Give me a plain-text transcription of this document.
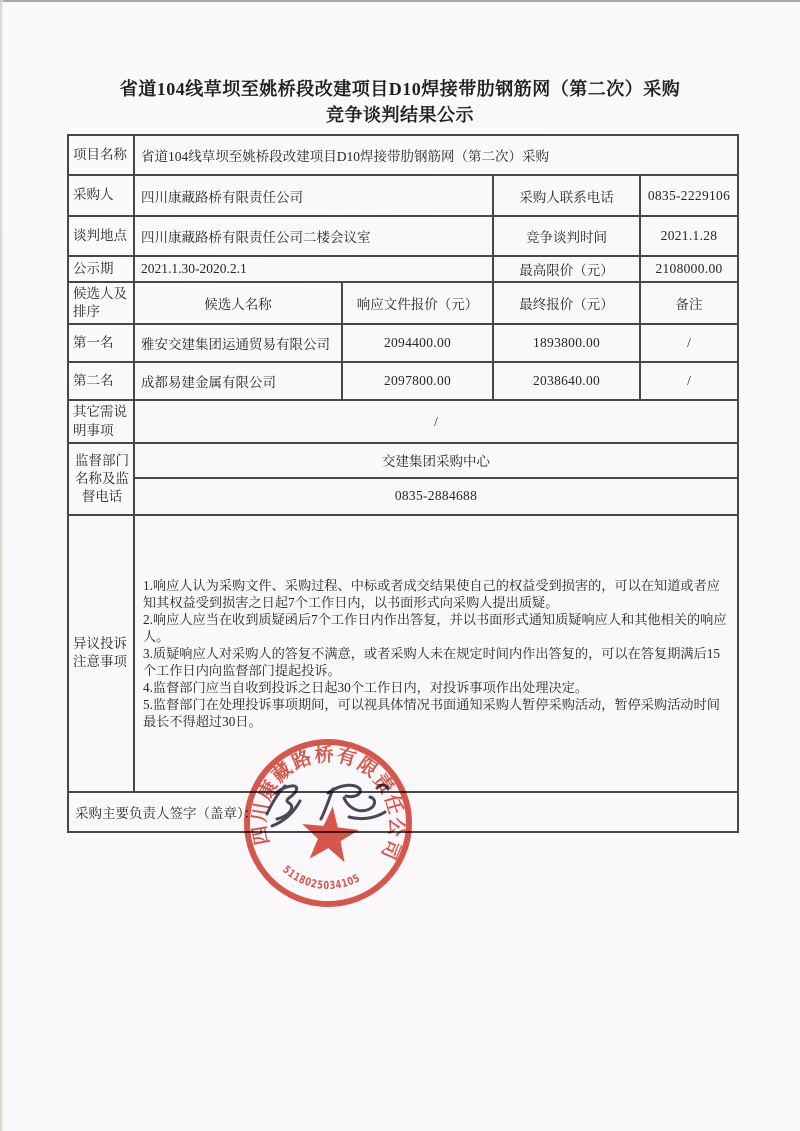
省道104线草坝至姚桥段改建项目D10焊接带肋钢筋网（第二次）采购
竞争谈判结果公示
项目名称	省道104线草坝至姚桥段改建项目D10焊接带肋钢筋网（第二次）采购			
采购人	四川康藏路桥有限责任公司		采购人联系电话	0835-2229106
谈判地点	四川康藏路桥有限责任公司二楼会议室		竞争谈判时间	2021.1.28
公示期	2021.1.30-2020.2.1		最高限价（元）	2108000.00
候选人及排序	候选人名称	响应文件报价（元）	最终报价（元）	备注
第一名	雅安交建集团运通贸易有限公司	2094400.00	1893800.00	/
第二名	成都易建金属有限公司	2097800.00	2038640.00	/
其它需说明事项	/			
监督部门名称及监督电话	交建集团采购中心			
	0835-2884688			
异议投诉注意事项	1.响应人认为采购文件、采购过程、中标或者成交结果使自己的权益受到损害的，可以在知道或者应知其权益受到损害之日起7个工作日内，以书面形式向采购人提出质疑。

2.响应人应当在收到质疑函后7个工作日内作出答复，并以书面形式通知质疑响应人和其他相关的响应人。

3.质疑响应人对采购人的答复不满意，或者采购人未在规定时间内作出答复的，可以在答复期满后15个工作日内向监督部门提起投诉。

4.监督部门应当自收到投诉之日起30个工作日内，对投诉事项作出处理决定。

5.监督部门在处理投诉事项期间，可以视具体情况书面通知采购人暂停采购活动，暂停采购活动时间最长不得超过30日。			

采购主要负责人签字（盖章）：				
四川康藏路桥有限责任公司
5118025034105
